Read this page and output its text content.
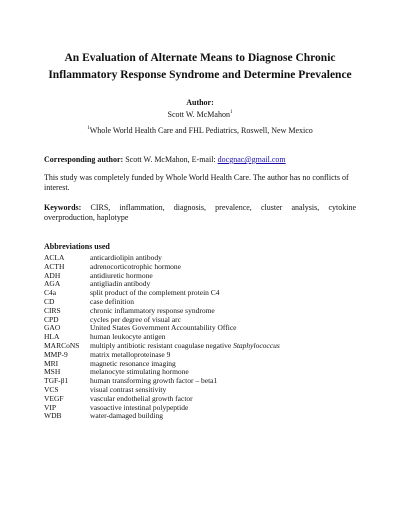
An Evaluation of Alternate Means to Diagnose Chronic
Inflammatory Response Syndrome and Determine Prevalence
Author:
Scott W. McMahon$^1$
$^1$Whole World Health Care and FHL Pediatrics, Roswell, New Mexico
Corresponding author: Scott W. McMahon, E-mail: docgnac@gmail.com
This study was completely funded by Whole World Health Care. The author has no conflicts of interest.
Keywords: CIRS, inflammation, diagnosis, prevalence, cluster analysis, cytokine overproduction, haplotype
Abbreviations used
ACLA	anticardiolipin antibody
ACTH	adrenocorticotrophic hormone
ADH	antidiuretic hormone
AGA	antigliadin antibody
C4a	split product of the complement protein C4
CD	case definition
CIRS	chronic inflammatory response syndrome
CPD	cycles per degree of visual arc
GAO	United States Government Accountability Office
HLA	human leukocyte antigen
MARCoNS multiply antibiotic resistant coagulase negative Staphylococcus
MMP-9	matrix metalloproteinase 9
MRI	magnetic resonance imaging
MSH	melanocyte stimulating hormone
TGF-β1	human transforming growth factor – beta1
VCS	visual contrast sensitivity
VEGF	vascular endothelial growth factor
VIP	vasoactive intestinal polypeptide
WDB	water-damaged building
